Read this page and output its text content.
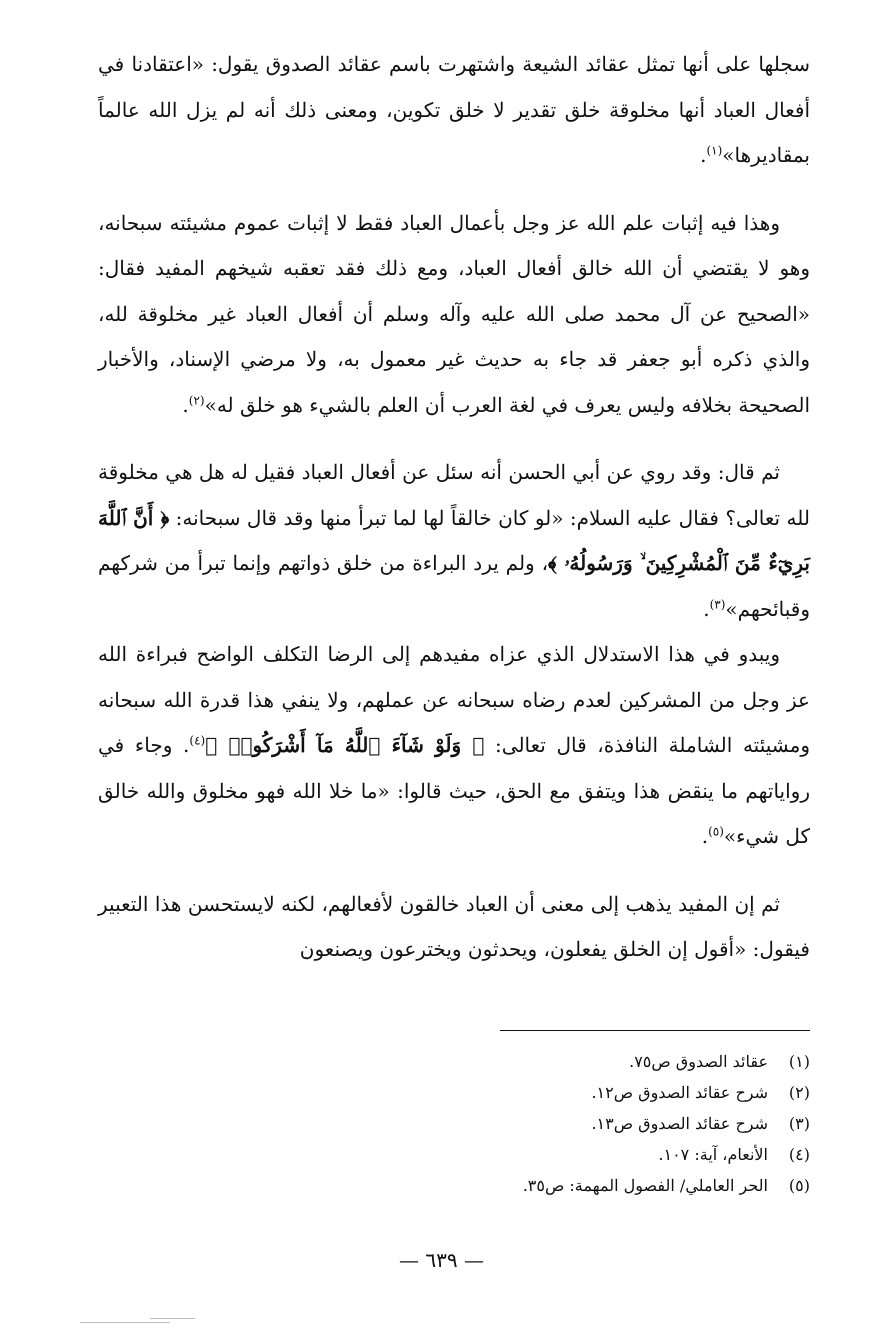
سجلها على أنها تمثل عقائد الشيعة واشتهرت باسم عقائد الصدوق يقول: «اعتقادنا في أفعال العباد أنها مخلوقة خلق تقدير لا خلق تكوين، ومعنى ذلك أنه لم يزل الله عالماً بمقاديرها»$^{(١)}$.

وهذا فيه إثبات علم الله عز وجل بأعمال العباد فقط لا إثبات عموم مشيئته سبحانه، وهو لا يقتضي أن الله خالق أفعال العباد، ومع ذلك فقد تعقبه شيخهم المفيد فقال: «الصحيح عن آل محمد صلى الله عليه وآله وسلم أن أفعال العباد غير مخلوقة لله، والذي ذكره أبو جعفر قد جاء به حديث غير معمول به، ولا مرضي الإسناد، والأخبار الصحيحة بخلافه وليس يعرف في لغة العرب أن العلم بالشيء هو خلق له»$^{(٢)}$.

ثم قال: وقد روي عن أبي الحسن أنه سئل عن أفعال العباد فقيل له هل هي مخلوقة لله تعالى؟ فقال عليه السلام: «لو كان خالقاً لها لما تبرأ منها وقد قال سبحانه: ﴿ أَنَّ ٱللَّهَ بَرِيٓءٌ مِّنَ ٱلْمُشْرِكِينَ ۙ وَرَسُولُهُۥ ﴾، ولم يرد البراءة من خلق ذواتهم وإنما تبرأ من شركهم وقبائحهم»$^{(٣)}$.

ويبدو في هذا الاستدلال الذي عزاه مفيدهم إلى الرضا التكلف الواضح فبراءة الله عز وجل من المشركين لعدم رضاه سبحانه عن عملهم، ولا ينفي هذا قدرة الله سبحانه ومشيئته الشاملة النافذة، قال تعالى: ﴿ وَلَوْ شَآءَ ٱللَّهُ مَآ أَشْرَكُوا۟ ﴾$^{(٤)}$. وجاء في رواياتهم ما ينقض هذا ويتفق مع الحق، حيث قالوا: «ما خلا الله فهو مخلوق والله خالق كل شيء»$^{(٥)}$.

ثم إن المفيد يذهب إلى معنى أن العباد خالقون لأفعالهم، لكنه لايستحسن هذا التعبير فيقول: «أقول إن الخلق يفعلون، ويحدثون ويخترعون ويصنعون

(١)
عقائد الصدوق ص٧٥.
(٢)
شرح عقائد الصدوق ص١٢.
(٣)
شرح عقائد الصدوق ص١٣.
(٤)
الأنعام، آية: ١٠٧.
(٥)
الحر العاملي/ الفصول المهمة: ص٣٥.
— ٦٣٩ —
